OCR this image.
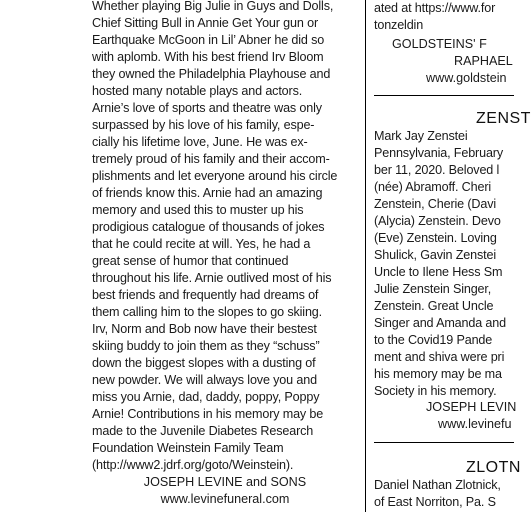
Whether playing Big Julie in Guys and Dolls,
Chief Sitting Bull in Annie Get Your gun or
Earthquake McGoon in Lil’ Abner he did so
with aplomb. With his best friend Irv Bloom
they owned the Philadelphia Playhouse and
hosted many notable plays and actors.
Arnie’s love of sports and theatre was only
surpassed by his love of his family, espe-
cially his lifetime love, June. He was ex-
tremely proud of his family and their accom-
plishments and let everyone around his circle
of friends know this. Arnie had an amazing
memory and used this to muster up his
prodigious catalogue of thousands of jokes
that he could recite at will. Yes, he had a
great sense of humor that continued
throughout his life. Arnie outlived most of his
best friends and frequently had dreams of
them calling him to the slopes to go skiing.
Irv, Norm and Bob now have their bestest
skiing buddy to join them as they “schuss”
down the biggest slopes with a dusting of
new powder. We will always love you and
miss you Arnie, dad, daddy, poppy, Poppy
Arnie! Contributions in his memory may be
made to the Juvenile Diabetes Research
Foundation Weinstein Family Team
(http://www2.jdrf.org/goto/Weinstein).
JOSEPH LEVINE and SONS
www.levinefuneral.com
ated at https://www.for
tonzeldin
GOLDSTEINS' F
RAPHAEL
www.goldstein
ZENST
Mark Jay Zenstei
Pennsylvania, February
ber 11, 2020. Beloved l
(née) Abramoff. Cheri
Zenstein, Cherie (Davi
(Alycia) Zenstein. Devo
(Eve) Zenstein. Loving
Shulick, Gavin Zenstei
Uncle to Ilene Hess Sm
Julie Zenstein Singer,
Zenstein. Great Uncle
Singer and Amanda and
to the Covid19 Pande
ment and shiva were pri
his memory may be ma
Society in his memory.
JOSEPH LEVIN
www.levinefu
ZLOTN
Daniel Nathan Zlotnick,
of East Norriton, Pa. S
